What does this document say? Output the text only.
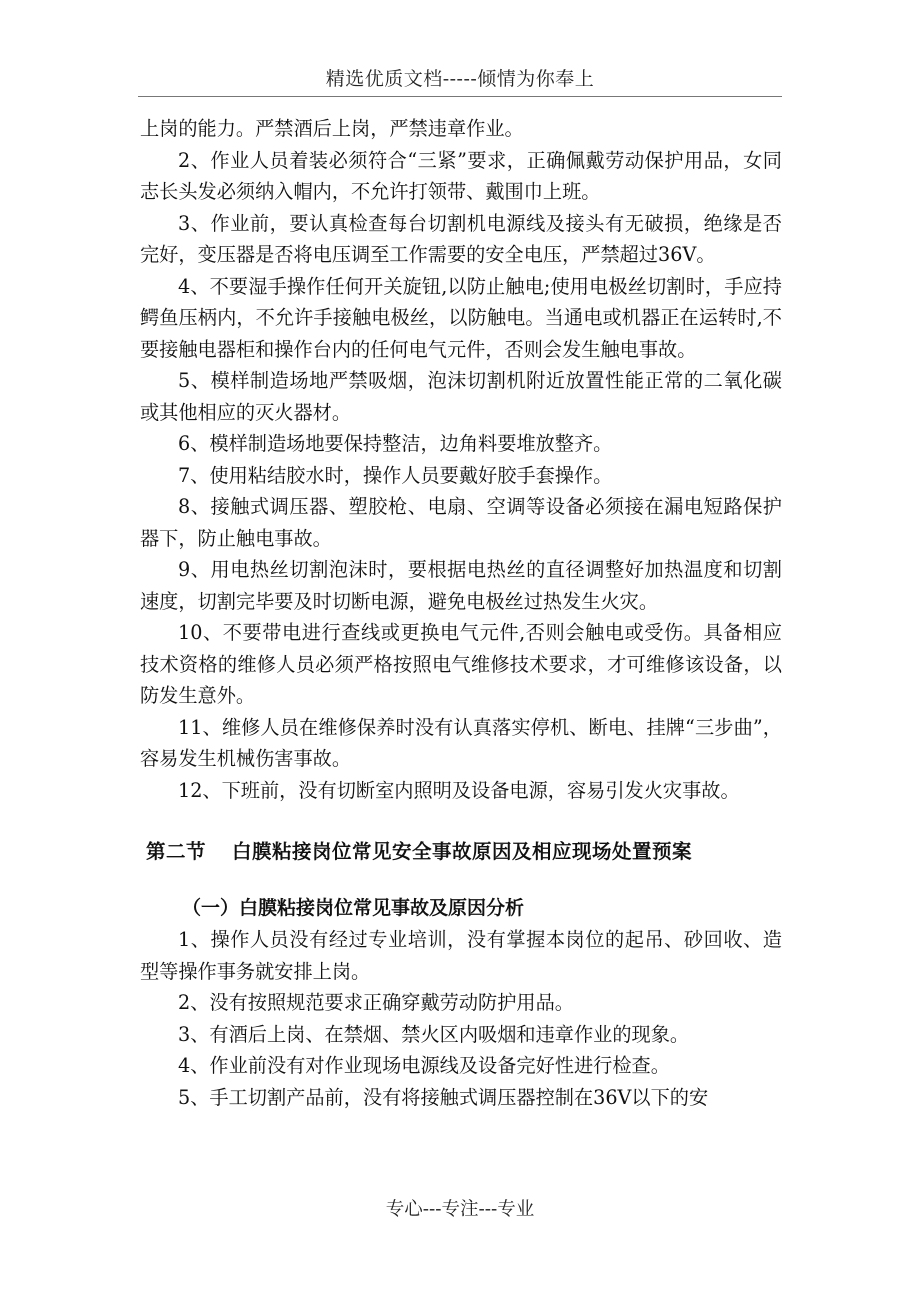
精选优质文档-----倾情为你奉上

上岗的能力。严禁酒后上岗，严禁违章作业。

2、作业人员着装必须符合“三紧”要求，正确佩戴劳动保护用品，女同志长头发必须纳入帽内，不允许打领带、戴围巾上班。

3、作业前，要认真检查每台切割机电源线及接头有无破损，绝缘是否完好，变压器是否将电压调至工作需要的安全电压，严禁超过36V。

4、不要湿手操作任何开关旋钮,以防止触电;使用电极丝切割时，手应持鳄鱼压柄内，不允许手接触电极丝，以防触电。当通电或机器正在运转时,不要接触电器柜和操作台内的任何电气元件，否则会发生触电事故。

5、模样制造场地严禁吸烟，泡沫切割机附近放置性能正常的二氧化碳或其他相应的灭火器材。

6、模样制造场地要保持整洁，边角料要堆放整齐。

7、使用粘结胶水时，操作人员要戴好胶手套操作。

8、接触式调压器、塑胶枪、电扇、空调等设备必须接在漏电短路保护器下，防止触电事故。

9、用电热丝切割泡沫时，要根据电热丝的直径调整好加热温度和切割速度，切割完毕要及时切断电源，避免电极丝过热发生火灾。

10、不要带电进行查线或更换电气元件,否则会触电或受伤。具备相应技术资格的维修人员必须严格按照电气维修技术要求，才可维修该设备，以防发生意外。

11、维修人员在维修保养时没有认真落实停机、断电、挂牌“三步曲”，容易发生机械伤害事故。

12、下班前，没有切断室内照明及设备电源，容易引发火灾事故。

第二节 白膜粘接岗位常见安全事故原因及相应现场处置预案
（一）白膜粘接岗位常见事故及原因分析

1、操作人员没有经过专业培训，没有掌握本岗位的起吊、砂回收、造型等操作事务就安排上岗。

2、没有按照规范要求正确穿戴劳动防护用品。

3、有酒后上岗、在禁烟、禁火区内吸烟和违章作业的现象。

4、作业前没有对作业现场电源线及设备完好性进行检查。

5、手工切割产品前，没有将接触式调压器控制在36V以下的安

专心---专注---专业
